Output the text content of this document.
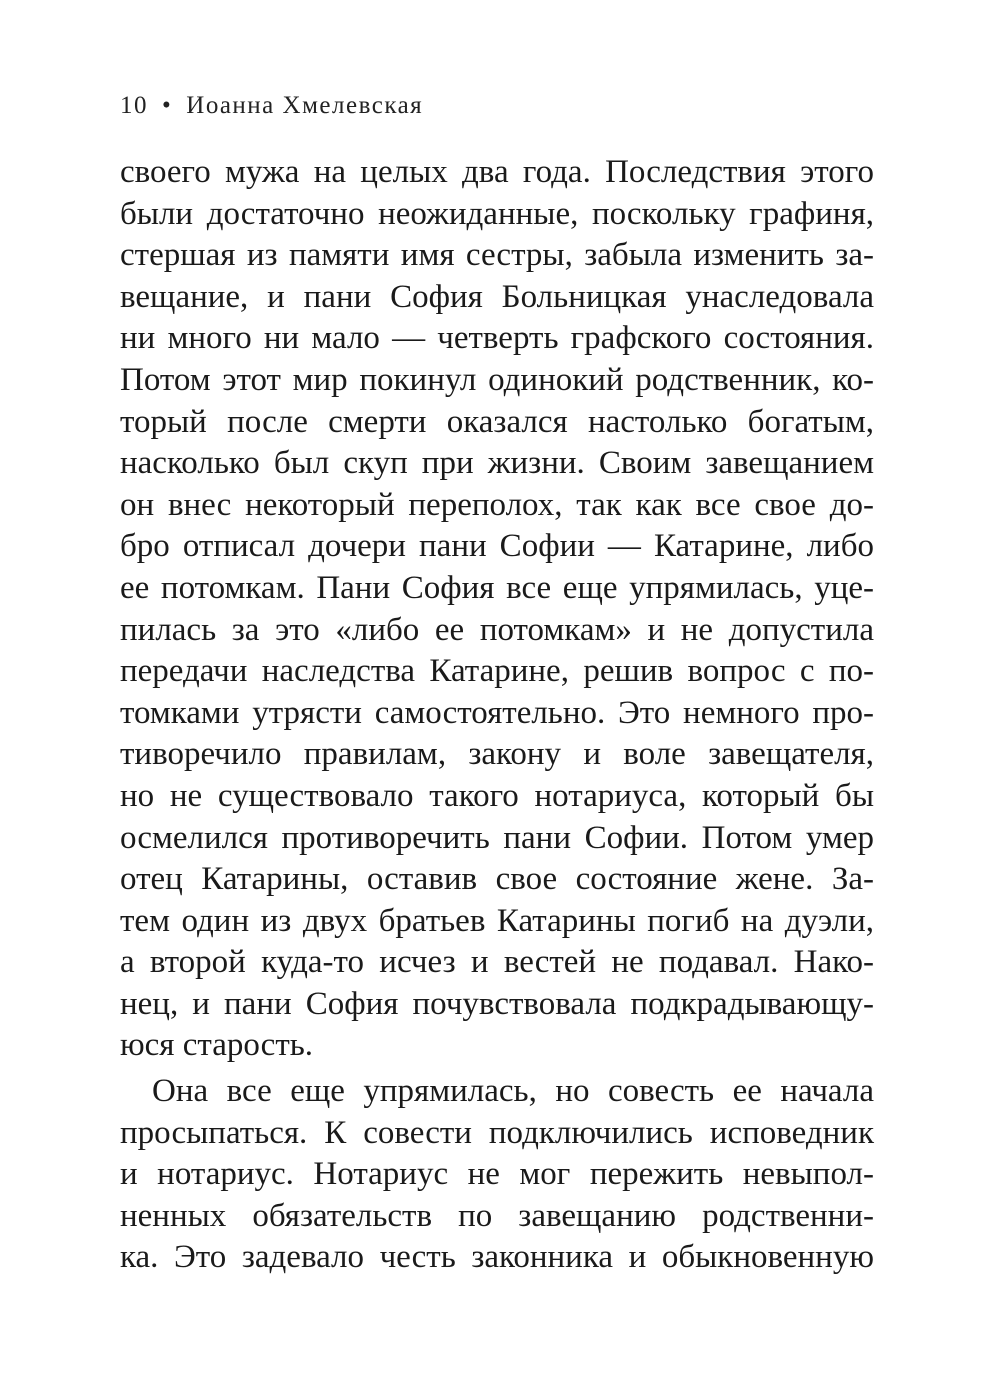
10 • Иоанна Хмелевская
своего мужа на целых два года. Последствия этого
были достаточно неожиданные, поскольку графиня,
стершая из памяти имя сестры, забыла изменить за-
вещание, и пани София Больницкая унаследовала
ни много ни мало — четверть графского состояния.
Потом этот мир покинул одинокий родственник, ко-
торый после смерти оказался настолько богатым,
насколько был скуп при жизни. Своим завещанием
он внес некоторый переполох, так как все свое до-
бро отписал дочери пани Софии — Катарине, либо
ее потомкам. Пани София все еще упрямилась, уце-
пилась за это «либо ее потомкам» и не допустила
передачи наследства Катарине, решив вопрос с по-
томками утрясти самостоятельно. Это немного про-
тиворечило правилам, закону и воле завещателя,
но не существовало такого нотариуса, который бы
осмелился противоречить пани Софии. Потом умер
отец Катарины, оставив свое состояние жене. За-
тем один из двух братьев Катарины погиб на дуэли,
а второй куда-то исчез и вестей не подавал. Нако-
нец, и пани София почувствовала подкрадывающу-
юся старость.
Она все еще упрямилась, но совесть ее начала
просыпаться. К совести подключились исповедник
и нотариус. Нотариус не мог пережить невыпол-
ненных обязательств по завещанию родственни-
ка. Это задевало честь законника и обыкновенную
